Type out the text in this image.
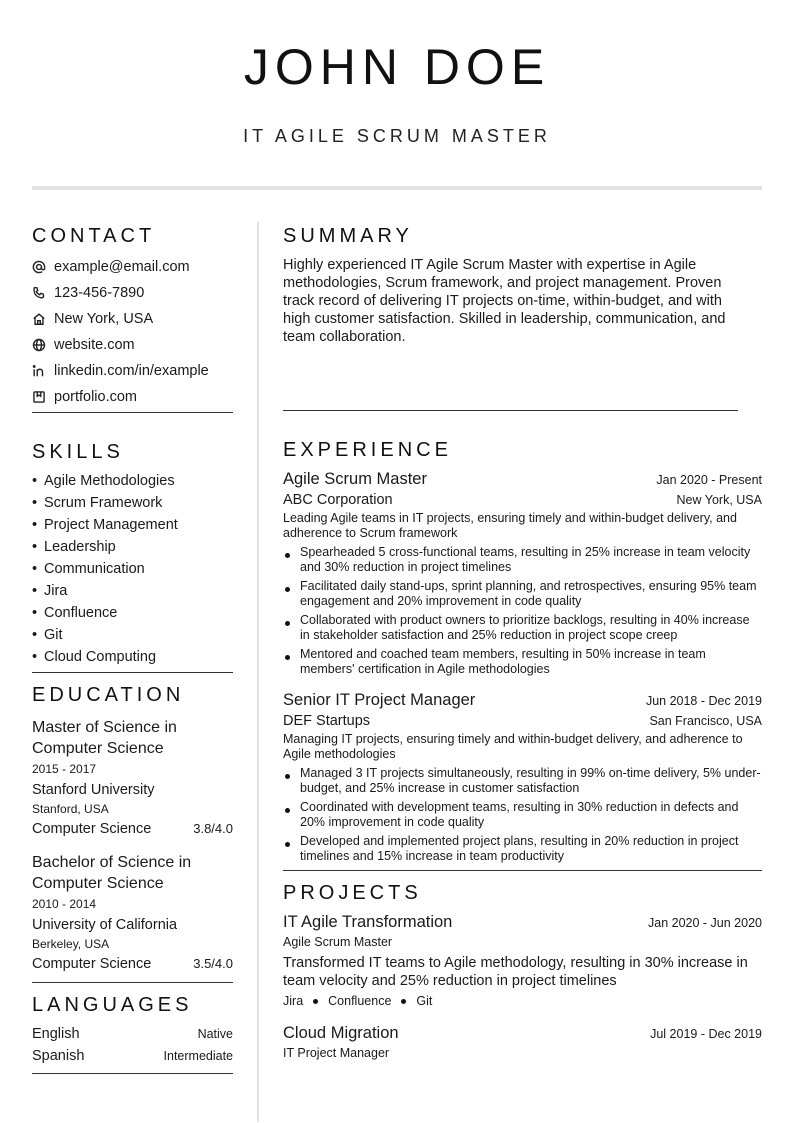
JOHN DOE
IT AGILE SCRUM MASTER
CONTACT
example@email.com
123-456-7890
New York, USA
website.com
linkedin.com/in/example
portfolio.com
SKILLS
• Agile Methodologies
• Scrum Framework
• Project Management
• Leadership
• Communication
• Jira
• Confluence
• Git
• Cloud Computing
EDUCATION
Master of Science in Computer Science
2015 - 2017
Stanford University
Stanford, USA
Computer Science	3.8/4.0
Bachelor of Science in Computer Science
2010 - 2014
University of California
Berkeley, USA
Computer Science	3.5/4.0
LANGUAGES
English	Native
Spanish	Intermediate
SUMMARY
Highly experienced IT Agile Scrum Master with expertise in Agile methodologies, Scrum framework, and project management. Proven track record of delivering IT projects on-time, within-budget, and with high customer satisfaction. Skilled in leadership, communication, and team collaboration.
EXPERIENCE
Agile Scrum Master	Jan 2020 - Present
ABC Corporation	New York, USA
Leading Agile teams in IT projects, ensuring timely and within-budget delivery, and adherence to Scrum framework
Spearheaded 5 cross-functional teams, resulting in 25% increase in team velocity and 30% reduction in project timelines
Facilitated daily stand-ups, sprint planning, and retrospectives, ensuring 95% team engagement and 20% improvement in code quality
Collaborated with product owners to prioritize backlogs, resulting in 40% increase in stakeholder satisfaction and 25% reduction in project scope creep
Mentored and coached team members, resulting in 50% increase in team members' certification in Agile methodologies
Senior IT Project Manager	Jun 2018 - Dec 2019
DEF Startups	San Francisco, USA
Managing IT projects, ensuring timely and within-budget delivery, and adherence to Agile methodologies
Managed 3 IT projects simultaneously, resulting in 99% on-time delivery, 5% under-budget, and 25% increase in customer satisfaction
Coordinated with development teams, resulting in 30% reduction in defects and 20% improvement in code quality
Developed and implemented project plans, resulting in 20% reduction in project timelines and 15% increase in team productivity
PROJECTS
IT Agile Transformation	Jan 2020 - Jun 2020
Agile Scrum Master
Transformed IT teams to Agile methodology, resulting in 30% increase in team velocity and 25% reduction in project timelines
Jira Confluence Git
Cloud Migration	Jul 2019 - Dec 2019
IT Project Manager
